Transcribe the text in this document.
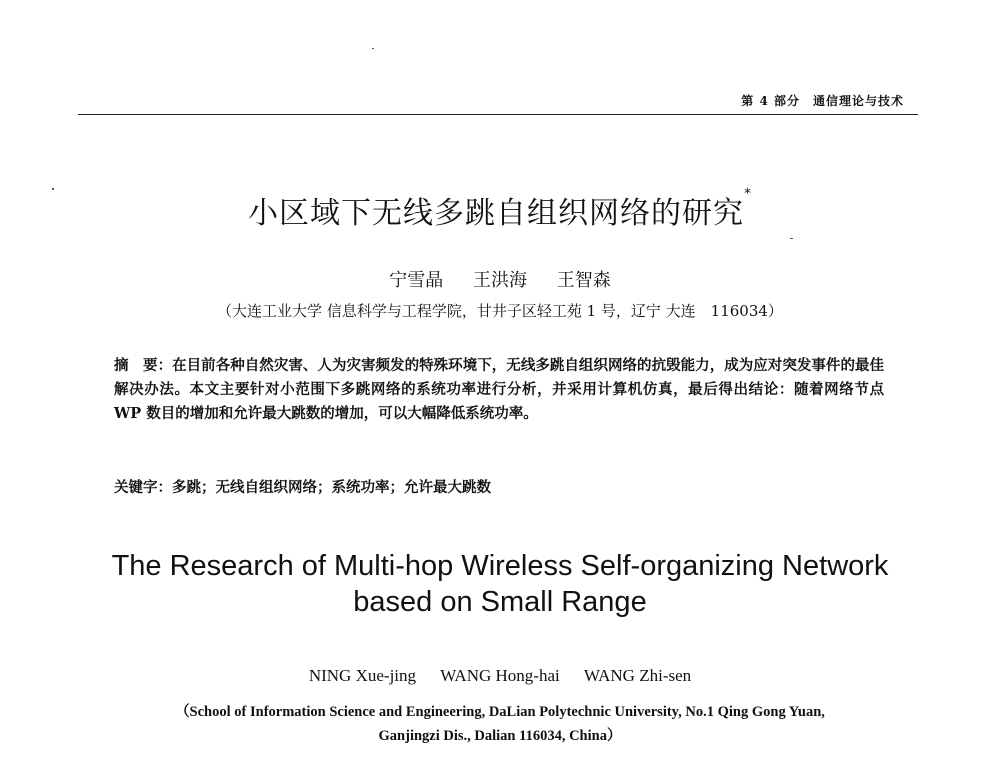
第 4 部分　通信理论与技术
小区域下无线多跳自组织网络的研究*
宁雪晶 王洪海 王智森
（大连工业大学 信息科学与工程学院，甘井子区轻工苑 1 号，辽宁 大连　116034）
摘　要：在目前各种自然灾害、人为灾害频发的特殊环境下，无线多跳自组织网络的抗毁能力，成为应对突发事件的最佳解决办法。本文主要针对小范围下多跳网络的系统功率进行分析，并采用计算机仿真，最后得出结论：随着网络节点 WP 数目的增加和允许最大跳数的增加，可以大幅降低系统功率。
关键字：多跳；无线自组织网络；系统功率；允许最大跳数
The Research of Multi-hop Wireless Self-organizing Network
based on Small Range
NING Xue-jing WANG Hong-hai WANG Zhi-sen
（School of Information Science and Engineering, DaLian Polytechnic University, No.1 Qing Gong Yuan,
Ganjingzi Dis., Dalian 116034, China）
